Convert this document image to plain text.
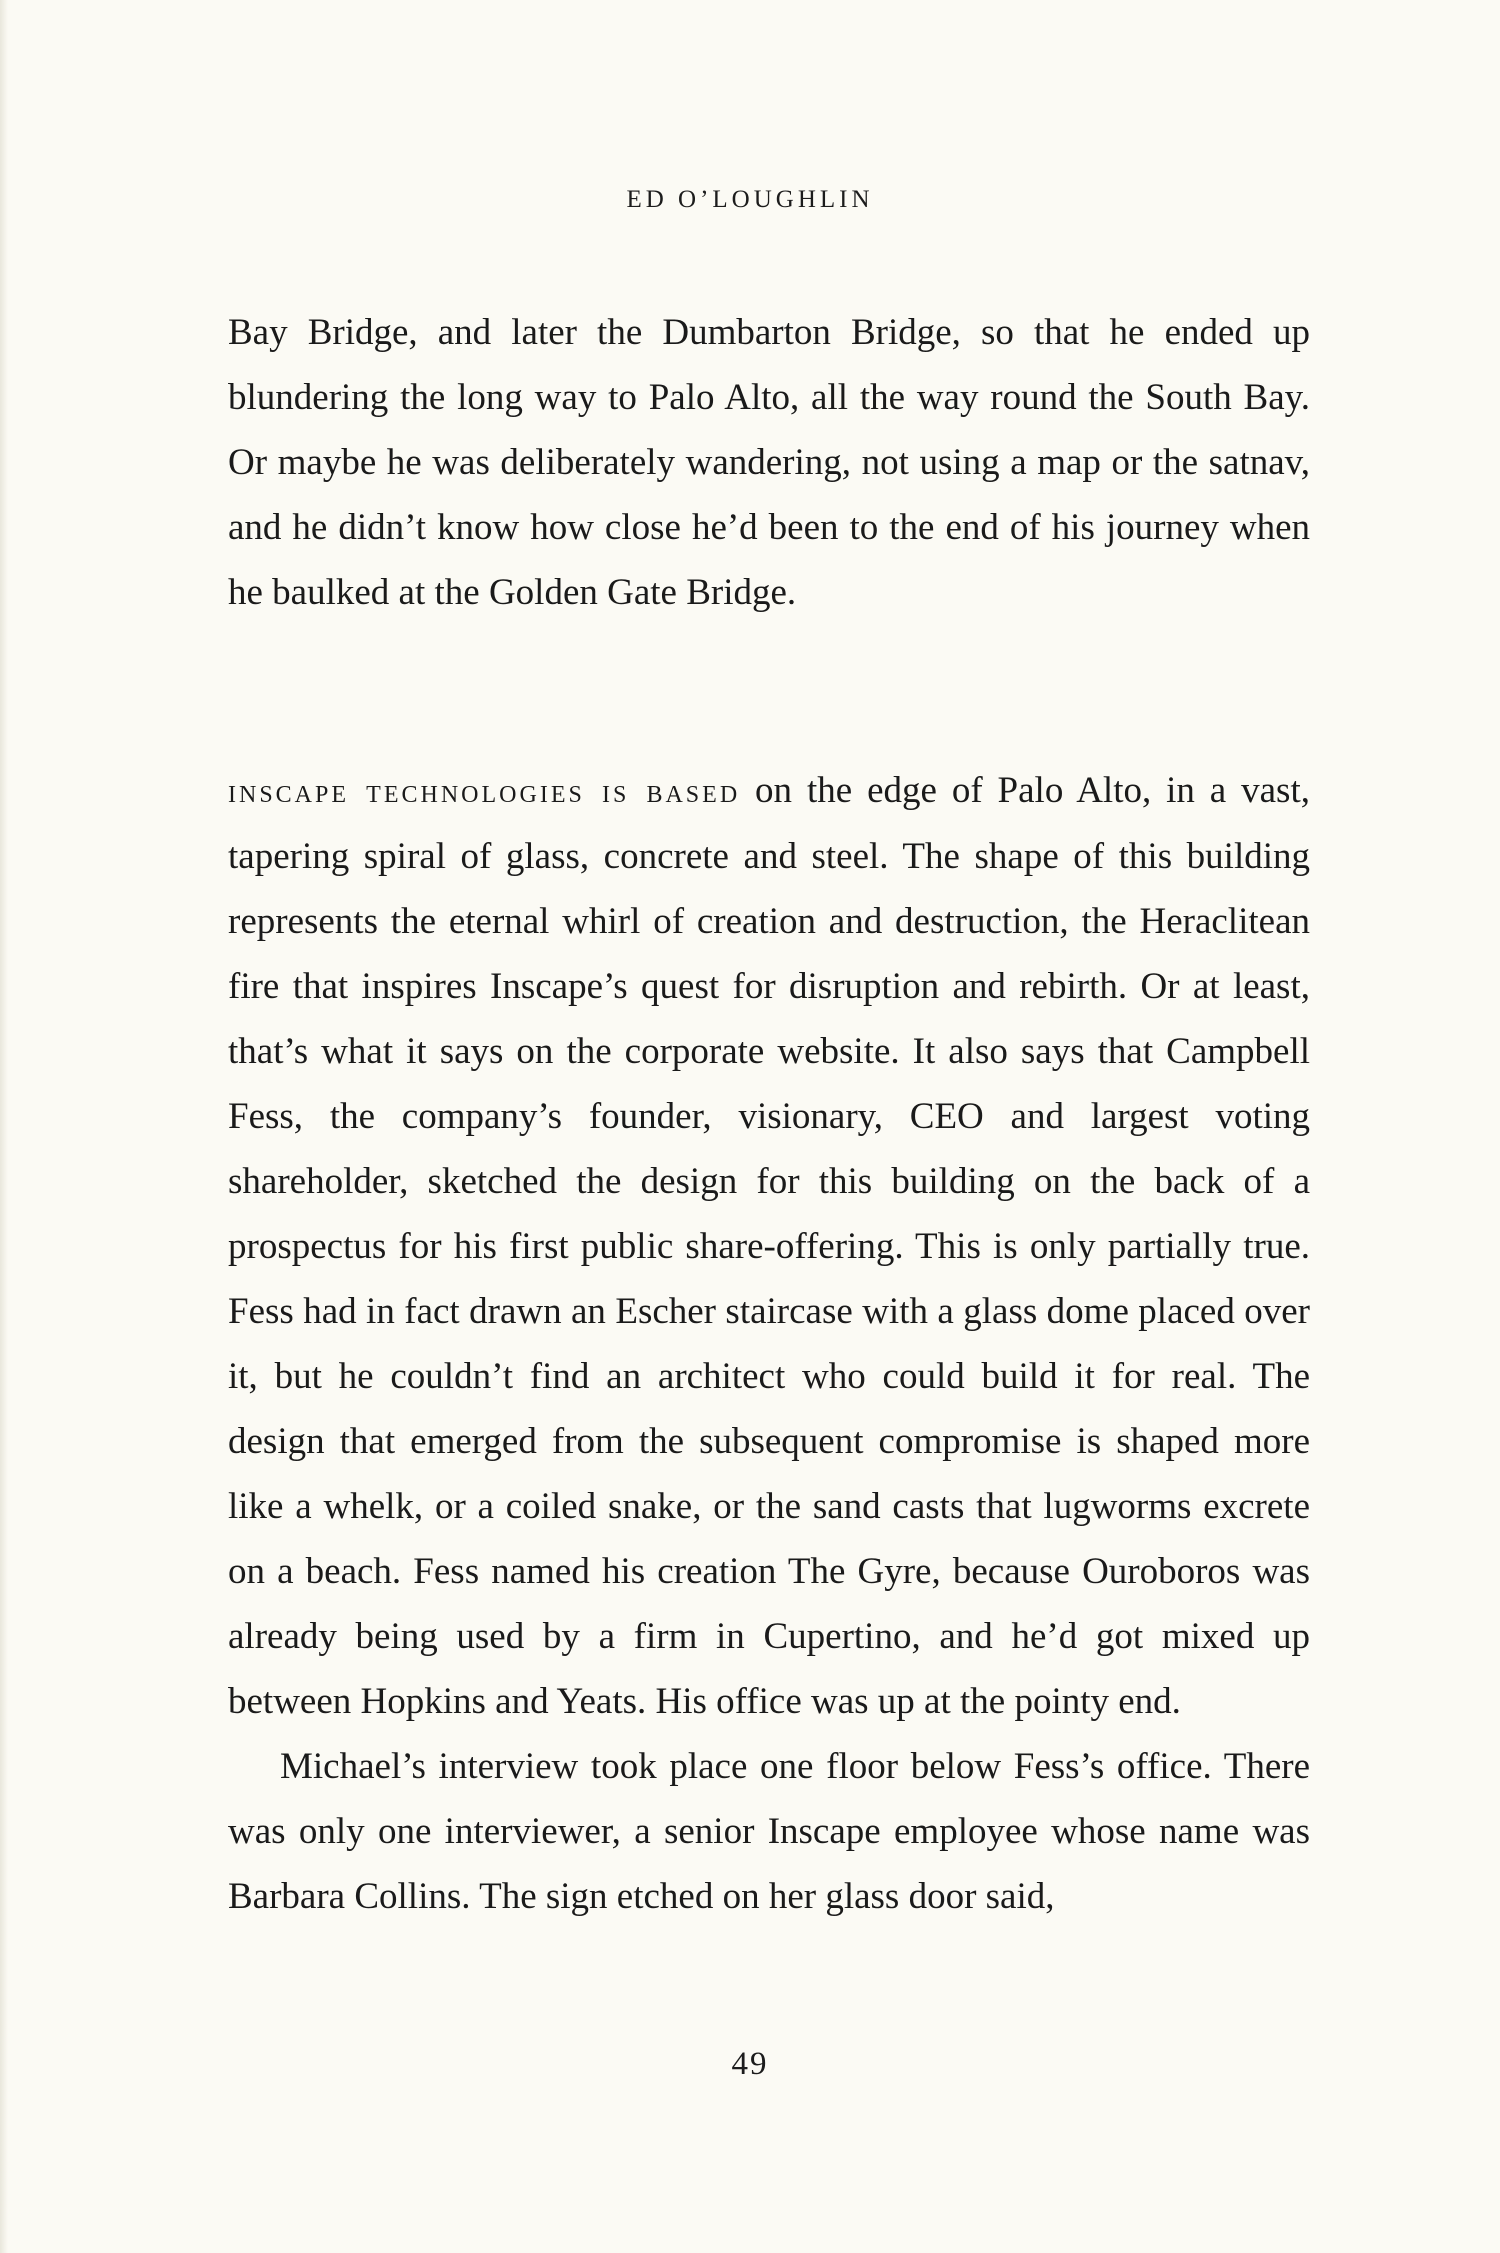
ED O’LOUGHLIN

Bay Bridge, and later the Dumbarton Bridge, so that he ended up blundering the long way to Palo Alto, all the way round the South Bay. Or maybe he was deliberately wandering, not using a map or the satnav, and he didn’t know how close he’d been to the end of his journey when he baulked at the Golden Gate Bridge.

inscape technologies is based on the edge of Palo Alto, in a vast, tapering spiral of glass, concrete and steel. The shape of this building represents the eternal whirl of creation and destruction, the Heraclitean fire that inspires Inscape’s quest for disruption and rebirth. Or at least, that’s what it says on the corporate website. It also says that Campbell Fess, the company’s founder, visionary, CEO and largest voting shareholder, sketched the design for this building on the back of a prospectus for his first public share-offering. This is only partially true. Fess had in fact drawn an Escher staircase with a glass dome placed over it, but he couldn’t find an architect who could build it for real. The design that emerged from the subsequent compromise is shaped more like a whelk, or a coiled snake, or the sand casts that lugworms excrete on a beach. Fess named his creation The Gyre, because Ouroboros was already being used by a firm in Cupertino, and he’d got mixed up between Hopkins and Yeats. His office was up at the pointy end.

Michael’s interview took place one floor below Fess’s office. There was only one interviewer, a senior Inscape employee whose name was Barbara Collins. The sign etched on her glass door said,

49
